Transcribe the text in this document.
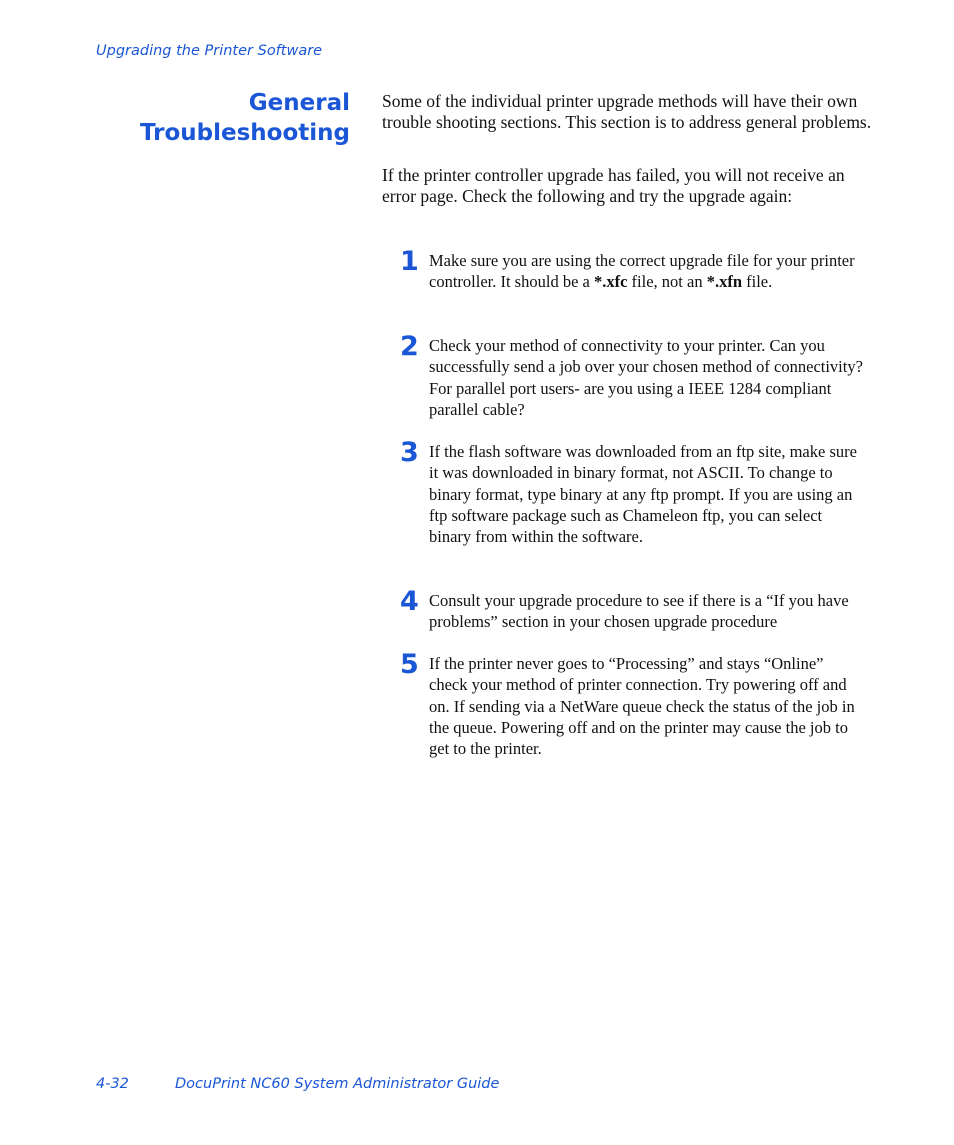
Upgrading the Printer Software
General
Troubleshooting

Some of the individual printer upgrade methods will have their own trouble shooting sections. This section is to address general problems.

If the printer controller upgrade has failed, you will not receive an error page. Check the following and try the upgrade again:

1 Make sure you are using the correct upgrade file for your printer controller. It should be a *.xfc file, not an *.xfn file.

2 Check your method of connectivity to your printer. Can you successfully send a job over your chosen method of connectivity? For parallel port users- are you using a IEEE 1284 compliant parallel cable?

3 If the flash software was downloaded from an ftp site, make sure it was downloaded in binary format, not ASCII. To change to binary format, type binary at any ftp prompt. If you are using an ftp software package such as Chameleon ftp, you can select binary from within the software.

4 Consult your upgrade procedure to see if there is a “If you have problems” section in your chosen upgrade procedure

5 If the printer never goes to “Processing” and stays “Online” check your method of printer connection. Try powering off and on. If sending via a NetWare queue check the status of the job in the queue. Powering off and on the printer may cause the job to get to the printer.

4-32	DocuPrint NC60 System Administrator Guide
